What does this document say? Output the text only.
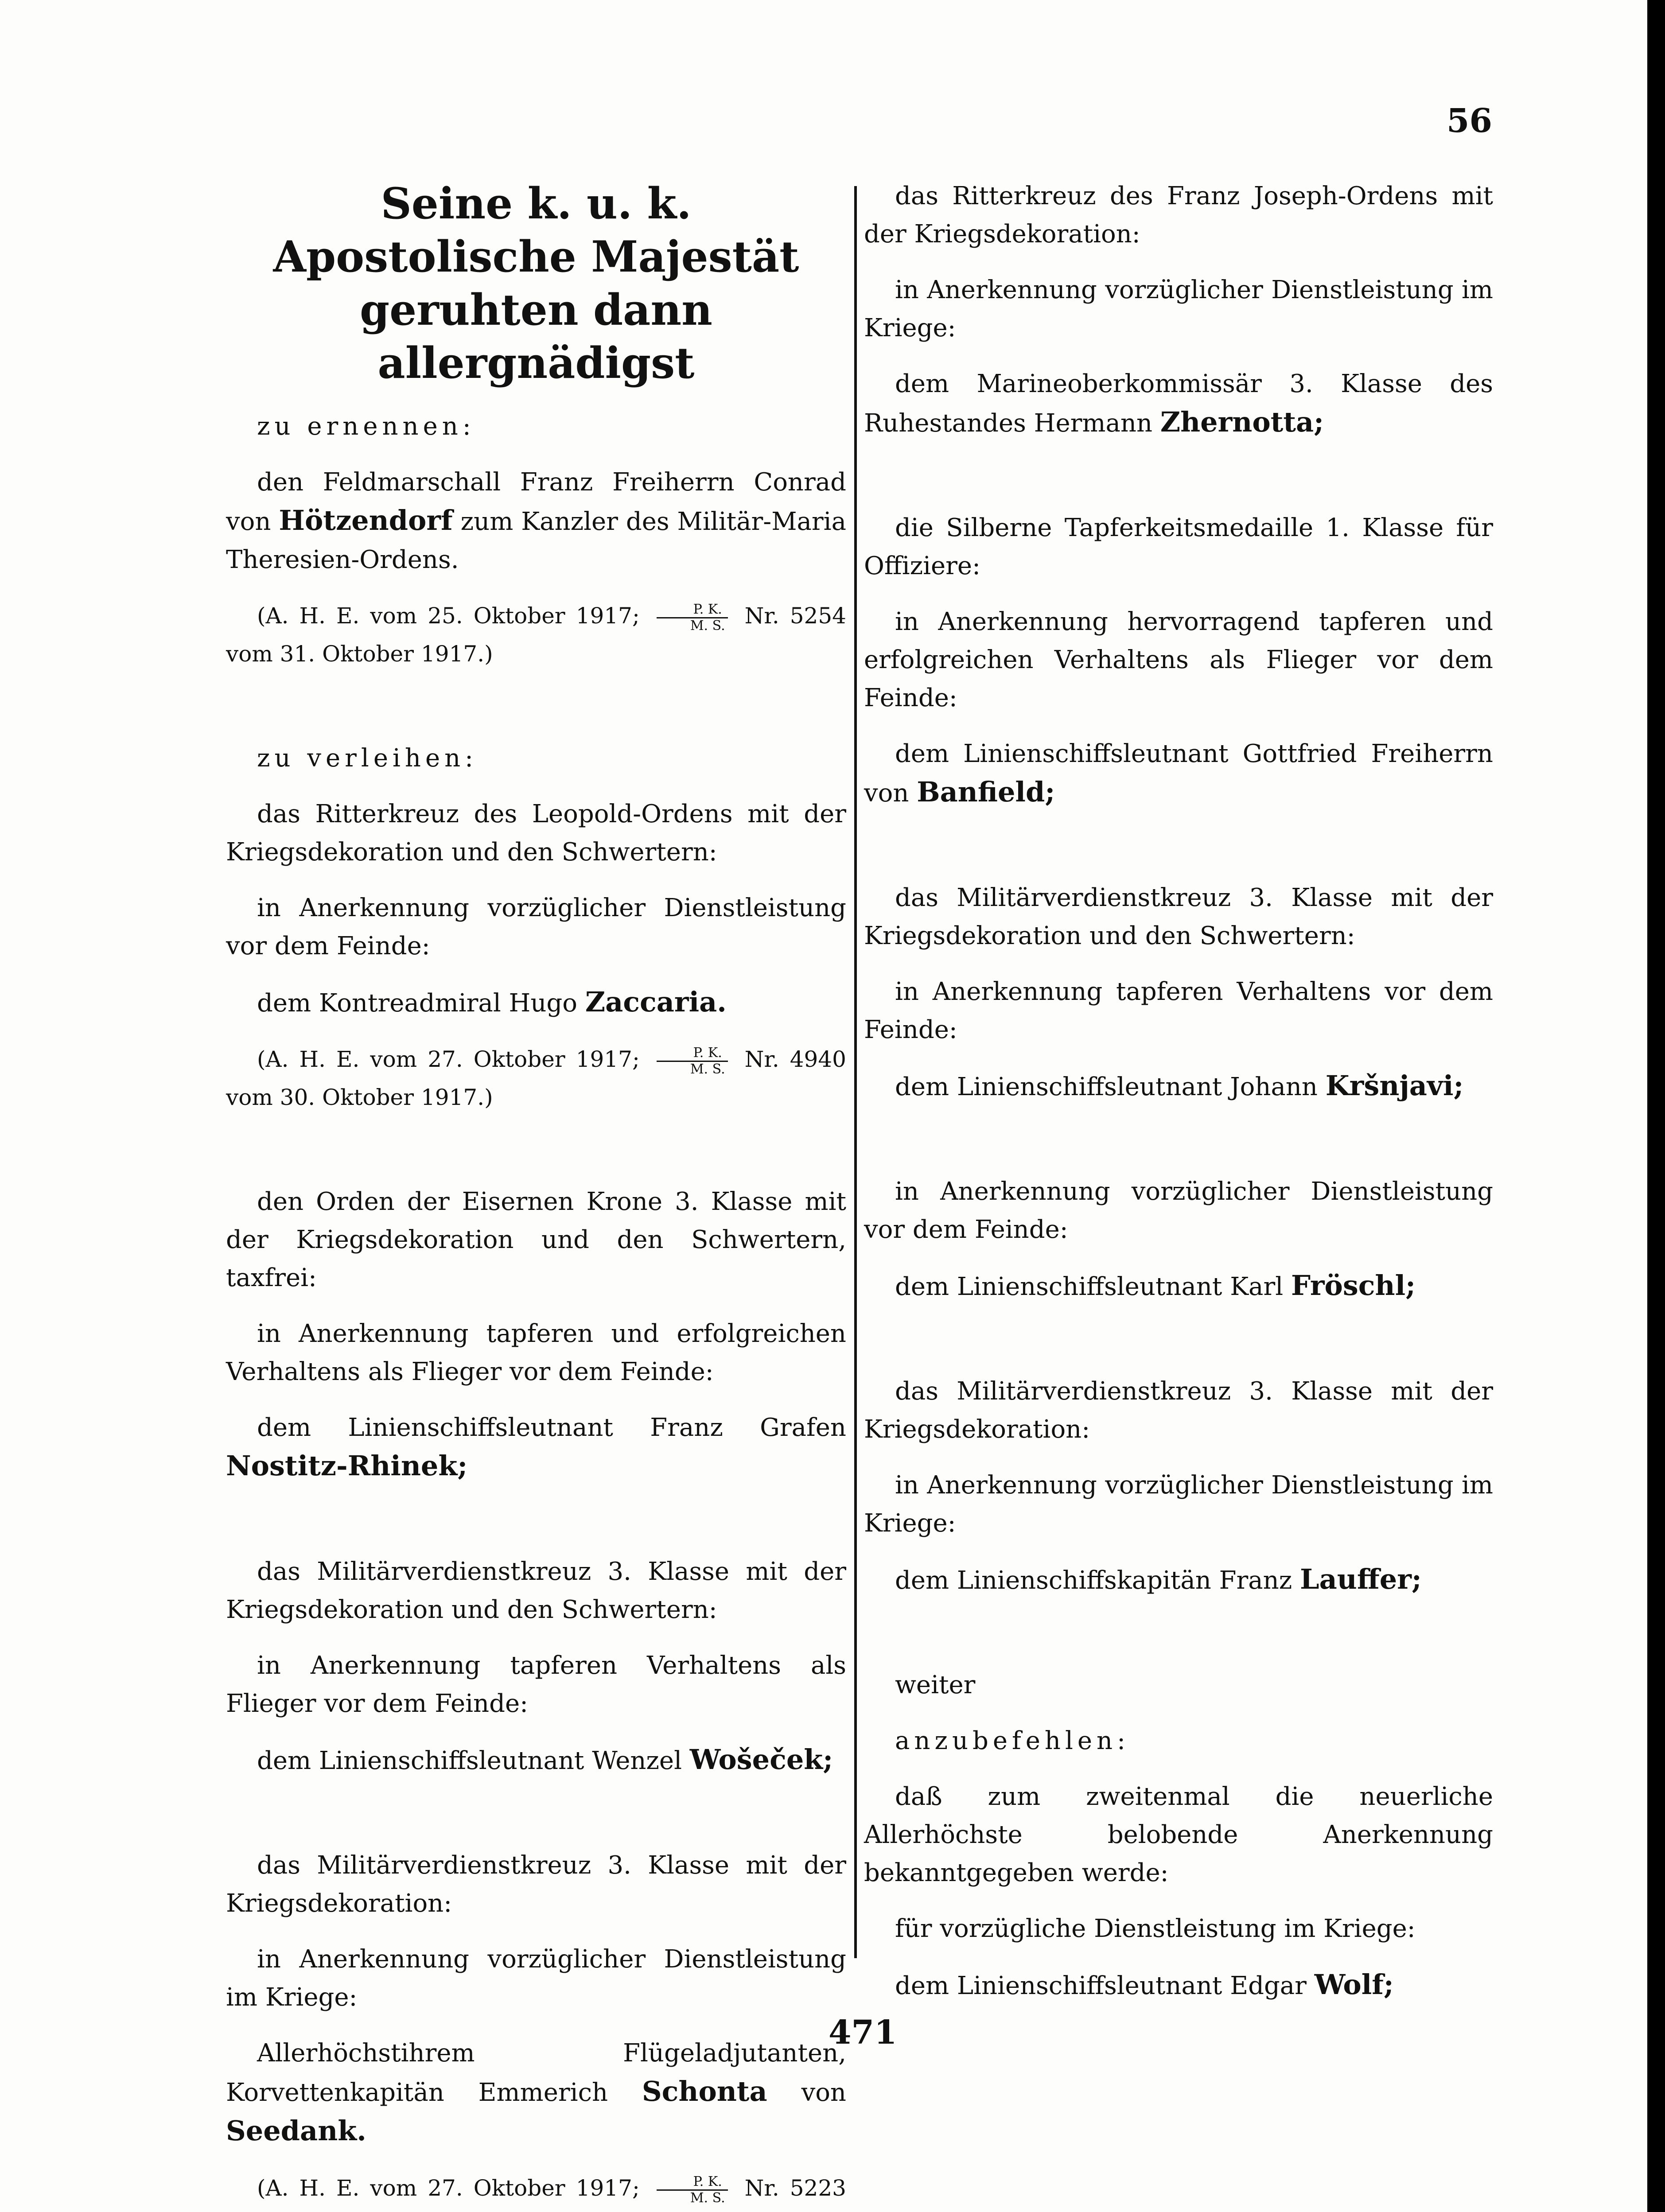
56
Seine k. u. k. Apostolische Majestät geruhten dann allergnädigst
zu ernennen:
den Feldmarschall Franz Freiherrn Conrad von Hötzendorf zum Kanzler des Militär-Maria Theresien-Ordens.
(A. H. E. vom 25. Oktober 1917; $\frac{P. K.}{M. S.} Nr$. 5254 vom 31. Oktober 1917.)
zu verleihen:
das Ritterkreuz des Leopold-Ordens mit der Kriegsdekoration und den Schwertern:
in Anerkennung vorzüglicher Dienstleistung vor dem Feinde:
dem Kontreadmiral Hugo Zaccaria.
(A. H. E. vom 27. Oktober 1917; $\frac{P. K.}{M. S.} Nr$. 4940 vom 30. Oktober 1917.)
den Orden der Eisernen Krone 3. Klasse mit der Kriegsdekoration und den Schwertern, taxfrei:
in Anerkennung tapferen und erfolgreichen Verhaltens als Flieger vor dem Feinde:
dem Linienschiffsleutnant Franz Grafen Nostitz-Rhinek;
das Militärverdienstkreuz 3. Klasse mit der Kriegsdekoration und den Schwertern:
in Anerkennung tapferen Verhaltens als Flieger vor dem Feinde:
dem Linienschiffsleutnant Wenzel Wošeček;
das Militärverdienstkreuz 3. Klasse mit der Kriegsdekoration:
in Anerkennung vorzüglicher Dienstleistung im Kriege:
Allerhöchstihrem Flügeladjutanten, Korvettenkapitän Emmerich Schonta von Seedank.
(A. H. E. vom 27. Oktober 1917; $\frac{P. K.}{M. S.} Nr$. 5223
das Ritterkreuz des Franz Joseph-Ordens mit der Kriegsdekoration:
in Anerkennung vorzüglicher Dienstleistung im Kriege:
dem Marineoberkommissär 3. Klasse des Ruhestandes Hermann Zhernotta;
die Silberne Tapferkeitsmedaille 1. Klasse für Offiziere:
in Anerkennung hervorragend tapferen und erfolgreichen Verhaltens als Flieger vor dem Feinde:
dem Linienschiffsleutnant Gottfried Freiherrn von Banfield;
das Militärverdienstkreuz 3. Klasse mit der Kriegsdekoration und den Schwertern:
in Anerkennung tapferen Verhaltens vor dem Feinde:
dem Linienschiffsleutnant Johann Kršnjavi;
in Anerkennung vorzüglicher Dienstleistung vor dem Feinde:
dem Linienschiffsleutnant Karl Fröschl;
das Militärverdienstkreuz 3. Klasse mit der Kriegsdekoration:
in Anerkennung vorzüglicher Dienstleistung im Kriege:
dem Linienschiffskapitän Franz Lauffer;
weiter
anzubefehlen:
daß zum zweitenmal die neuerliche Allerhöchste belobende Anerkennung bekanntgegeben werde:
für vorzügliche Dienstleistung im Kriege:
dem Linienschiffsleutnant Edgar Wolf;
471
